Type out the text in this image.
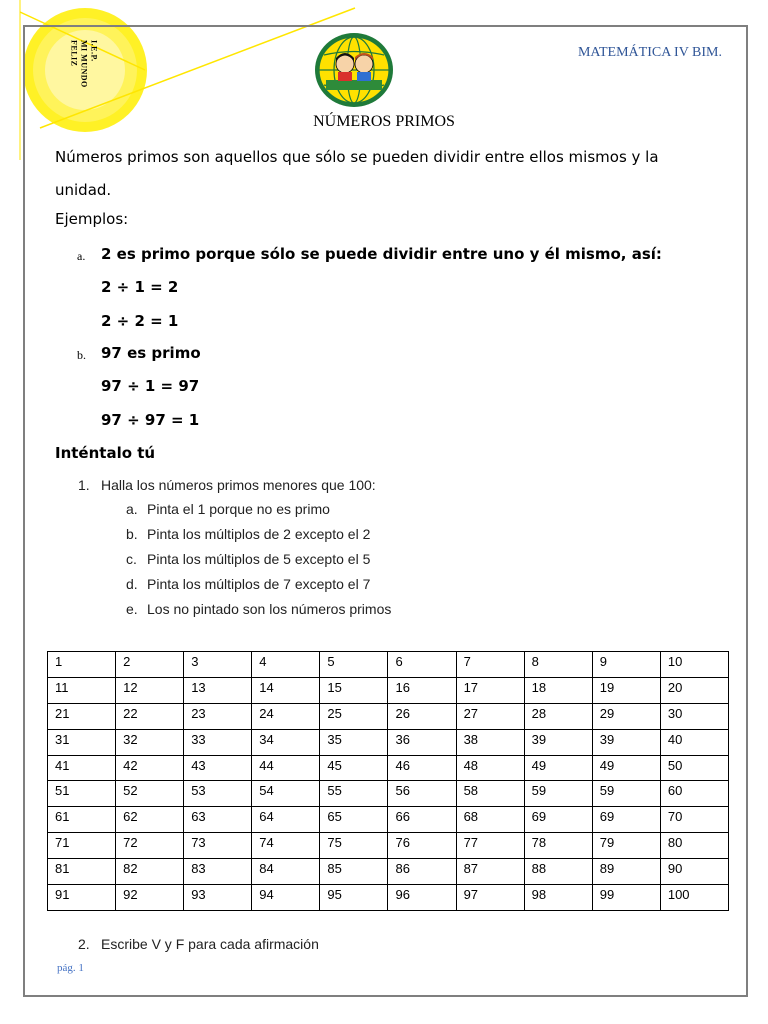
I.E.P.
MI MUNDO
FELIZ	MATEMÁTICA IV BIM.
NÚMEROS PRIMOS
Números primos son aquellos que sólo se pueden dividir entre ellos mismos y la unidad.
Ejemplos:
a. 2 es primo porque sólo se puede dividir entre uno y él mismo, así:
2 ÷ 1 = 2
2 ÷ 2 = 1
b. 97 es primo
97 ÷ 1 = 97
97 ÷ 97 = 1
Inténtalo tú
1. Halla los números primos menores que 100:
a. Pinta el 1 porque no es primo
b. Pinta los múltiplos de 2 excepto el 2
c. Pinta los múltiplos de 5 excepto el 5
d. Pinta los múltiplos de 7 excepto el 7
e. Los no pintado son los números primos
1	2	3	4	5	6	7	8	9	10
11	12	13	14	15	16	17	18	19	20
21	22	23	24	25	26	27	28	29	30
31	32	33	34	35	36	38	39	39	40
41	42	43	44	45	46	48	49	49	50
51	52	53	54	55	56	58	59	59	60
61	62	63	64	65	66	68	69	69	70
71	72	73	74	75	76	77	78	79	80
81	82	83	84	85	86	87	88	89	90
91	92	93	94	95	96	97	98	99	100
2. Escribe V y F para cada afirmación
pág. 1
